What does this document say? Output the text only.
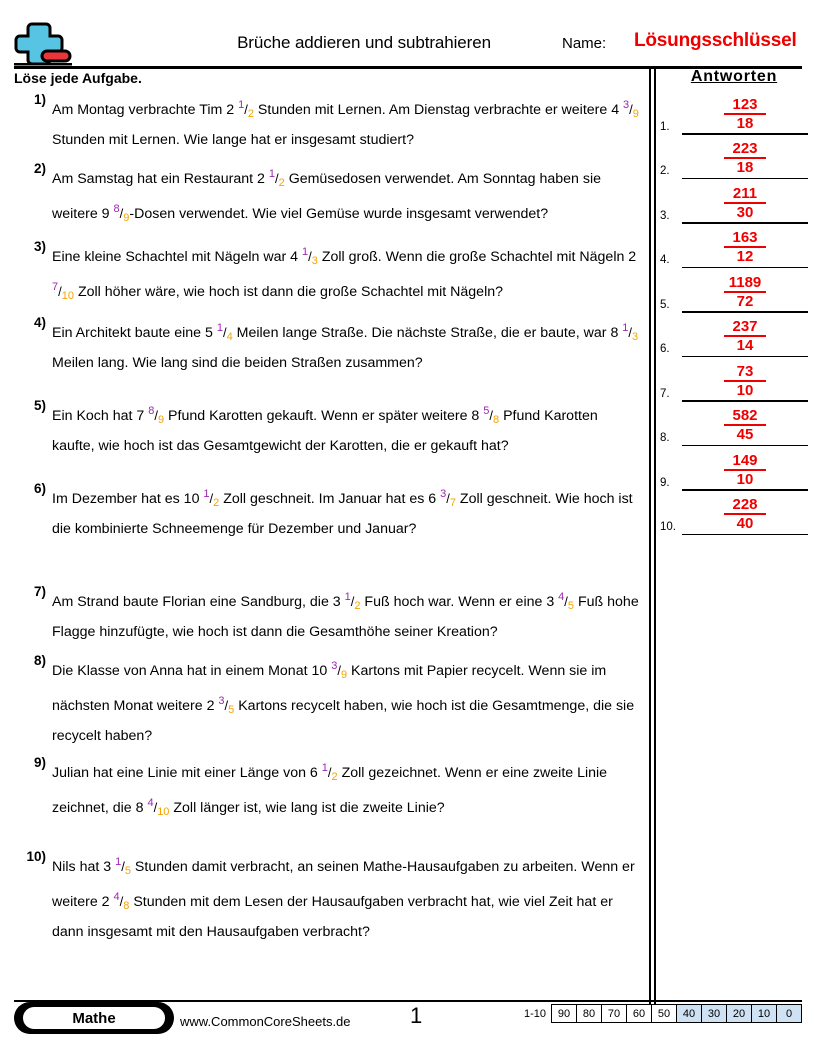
Brüche addieren und subtrahieren	Name: Lösungsschlüssel
Löse jede Aufgabe.
1)
Am Montag verbrachte Tim 2 $^1/_2$ Stunden mit Lernen. Am Dienstag verbrachte er weitere 4 $^3/_9$ Stunden mit Lernen. Wie lange hat er insgesamt studiert?
2)
Am Samstag hat ein Restaurant 2 $^1/_2$ Gemüsedosen verwendet. Am Sonntag haben sie weitere 9 $^8/_9$-Dosen verwendet. Wie viel Gemüse wurde insgesamt verwendet?
3)
Eine kleine Schachtel mit Nägeln war 4 $^1/_3$ Zoll groß. Wenn die große Schachtel mit Nägeln 2 $^7/_{10}$ Zoll höher wäre, wie hoch ist dann die große Schachtel mit Nägeln?
4)
Ein Architekt baute eine 5 $^1/_4$ Meilen lange Straße. Die nächste Straße, die er baute, war 8 $^1/_3$ Meilen lang. Wie lang sind die beiden Straßen zusammen?
5)
Ein Koch hat 7 $^8/_9$ Pfund Karotten gekauft. Wenn er später weitere 8 $^5/_8$ Pfund Karotten kaufte, wie hoch ist das Gesamtgewicht der Karotten, die er gekauft hat?
6)
Im Dezember hat es 10 $^1/_2$ Zoll geschneit. Im Januar hat es 6 $^3/_7$ Zoll geschneit. Wie hoch ist die kombinierte Schneemenge für Dezember und Januar?
7)
Am Strand baute Florian eine Sandburg, die 3 $^1/_2$ Fuß hoch war. Wenn er eine 3 $^4/_5$ Fuß hohe Flagge hinzufügte, wie hoch ist dann die Gesamthöhe seiner Kreation?
8)
Die Klasse von Anna hat in einem Monat 10 $^3/_9$ Kartons mit Papier recycelt. Wenn sie im nächsten Monat weitere 2 $^3/_5$ Kartons recycelt haben, wie hoch ist die Gesamtmenge, die sie recycelt haben?
9)
Julian hat eine Linie mit einer Länge von 6 $^1/_2$ Zoll gezeichnet. Wenn er eine zweite Linie zeichnet, die 8 $^4/_{10}$ Zoll länger ist, wie lang ist die zweite Linie?
10)
Nils hat 3 $^1/_5$ Stunden damit verbracht, an seinen Mathe-Hausaufgaben zu arbeiten. Wenn er weitere 2 $^4/_8$ Stunden mit dem Lesen der Hausaufgaben verbracht hat, wie viel Zeit hat er dann insgesamt mit den Hausaufgaben verbracht?
Antworten
1. $\frac{123}{18}$
2. $\frac{223}{18}$
3. $\frac{211}{30}$
4. $\frac{163}{12}$
5. $\frac{1189}{72}$
6. $\frac{237}{14}$
7. $\frac{73}{10}$
8. $\frac{582}{45}$
9. $\frac{149}{10}$
10. $\frac{228}{40}$
Mathe	www.CommonCoreSheets.de	1	1-10	90	80	70	60	50	40	30	20	10	0
